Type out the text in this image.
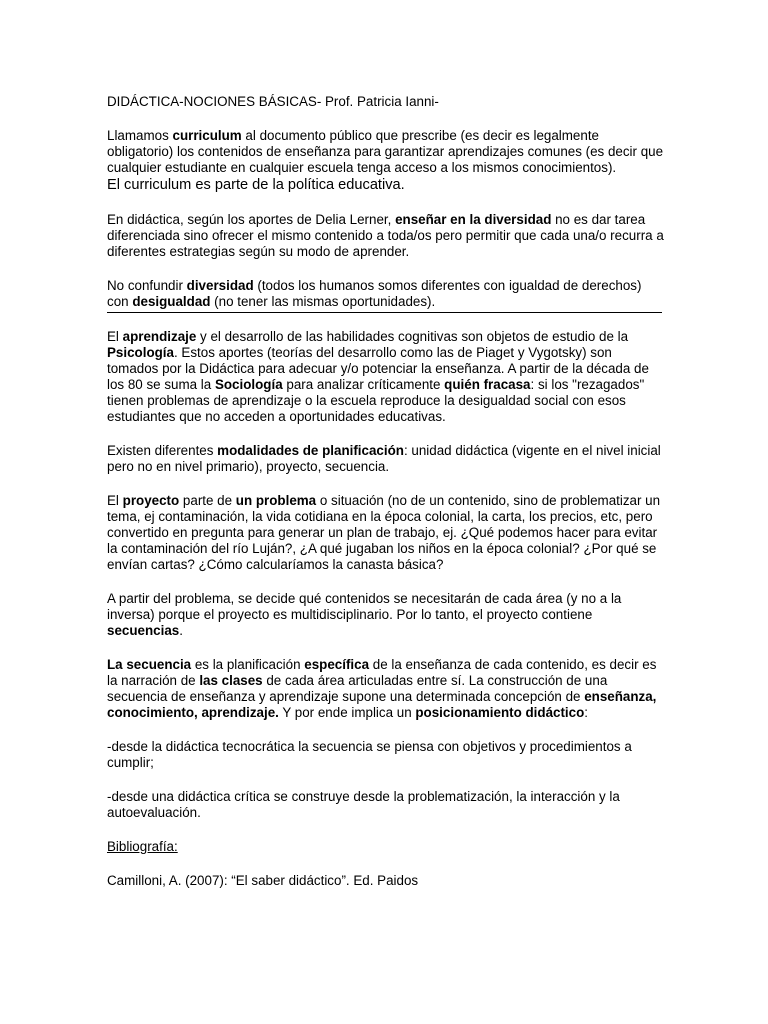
DIDÁCTICA-NOCIONES BÁSICAS- Prof. Patricia Ianni-
Llamamos curriculum al documento público que prescribe (es decir es legalmente obligatorio) los contenidos de enseñanza para garantizar aprendizajes comunes (es decir que cualquier estudiante en cualquier escuela tenga acceso a los mismos conocimientos).
El curriculum es parte de la política educativa.
En didáctica, según los aportes de Delia Lerner, enseñar en la diversidad no es dar tarea diferenciada sino ofrecer el mismo contenido a toda/os pero permitir que cada una/o recurra a diferentes estrategias según su modo de aprender.
No confundir diversidad (todos los humanos somos diferentes con igualdad de derechos) con desigualdad (no tener las mismas oportunidades).
El aprendizaje y el desarrollo de las habilidades cognitivas son objetos de estudio de la Psicología. Estos aportes (teorías del desarrollo como las de Piaget y Vygotsky) son tomados por la Didáctica para adecuar y/o potenciar la enseñanza. A partir de la década de los 80 se suma la Sociología para analizar críticamente quién fracasa: si los "rezagados" tienen problemas de aprendizaje o la escuela reproduce la desigualdad social con esos estudiantes que no acceden a oportunidades educativas.
Existen diferentes modalidades de planificación: unidad didáctica (vigente en el nivel inicial pero no en nivel primario), proyecto, secuencia.
El proyecto parte de un problema o situación (no de un contenido, sino de problematizar un tema, ej contaminación, la vida cotidiana en la época colonial, la carta, los precios, etc, pero convertido en pregunta para generar un plan de trabajo, ej. ¿Qué podemos hacer para evitar la contaminación del río Luján?, ¿A qué jugaban los niños en la época colonial? ¿Por qué se envían cartas? ¿Cómo calcularíamos la canasta básica?
A partir del problema, se decide qué contenidos se necesitarán de cada área (y no a la inversa) porque el proyecto es multidisciplinario. Por lo tanto, el proyecto contiene secuencias.
La secuencia es la planificación específica de la enseñanza de cada contenido, es decir es la narración de las clases de cada área articuladas entre sí. La construcción de una secuencia de enseñanza y aprendizaje supone una determinada concepción de enseñanza, conocimiento, aprendizaje. Y por ende implica un posicionamiento didáctico:
-desde la didáctica tecnocrática la secuencia se piensa con objetivos y procedimientos a cumplir;
-desde una didáctica crítica se construye desde la problematización, la interacción y la autoevaluación.
Bibliografía:
Camilloni, A. (2007): “El saber didáctico”. Ed. Paidos
